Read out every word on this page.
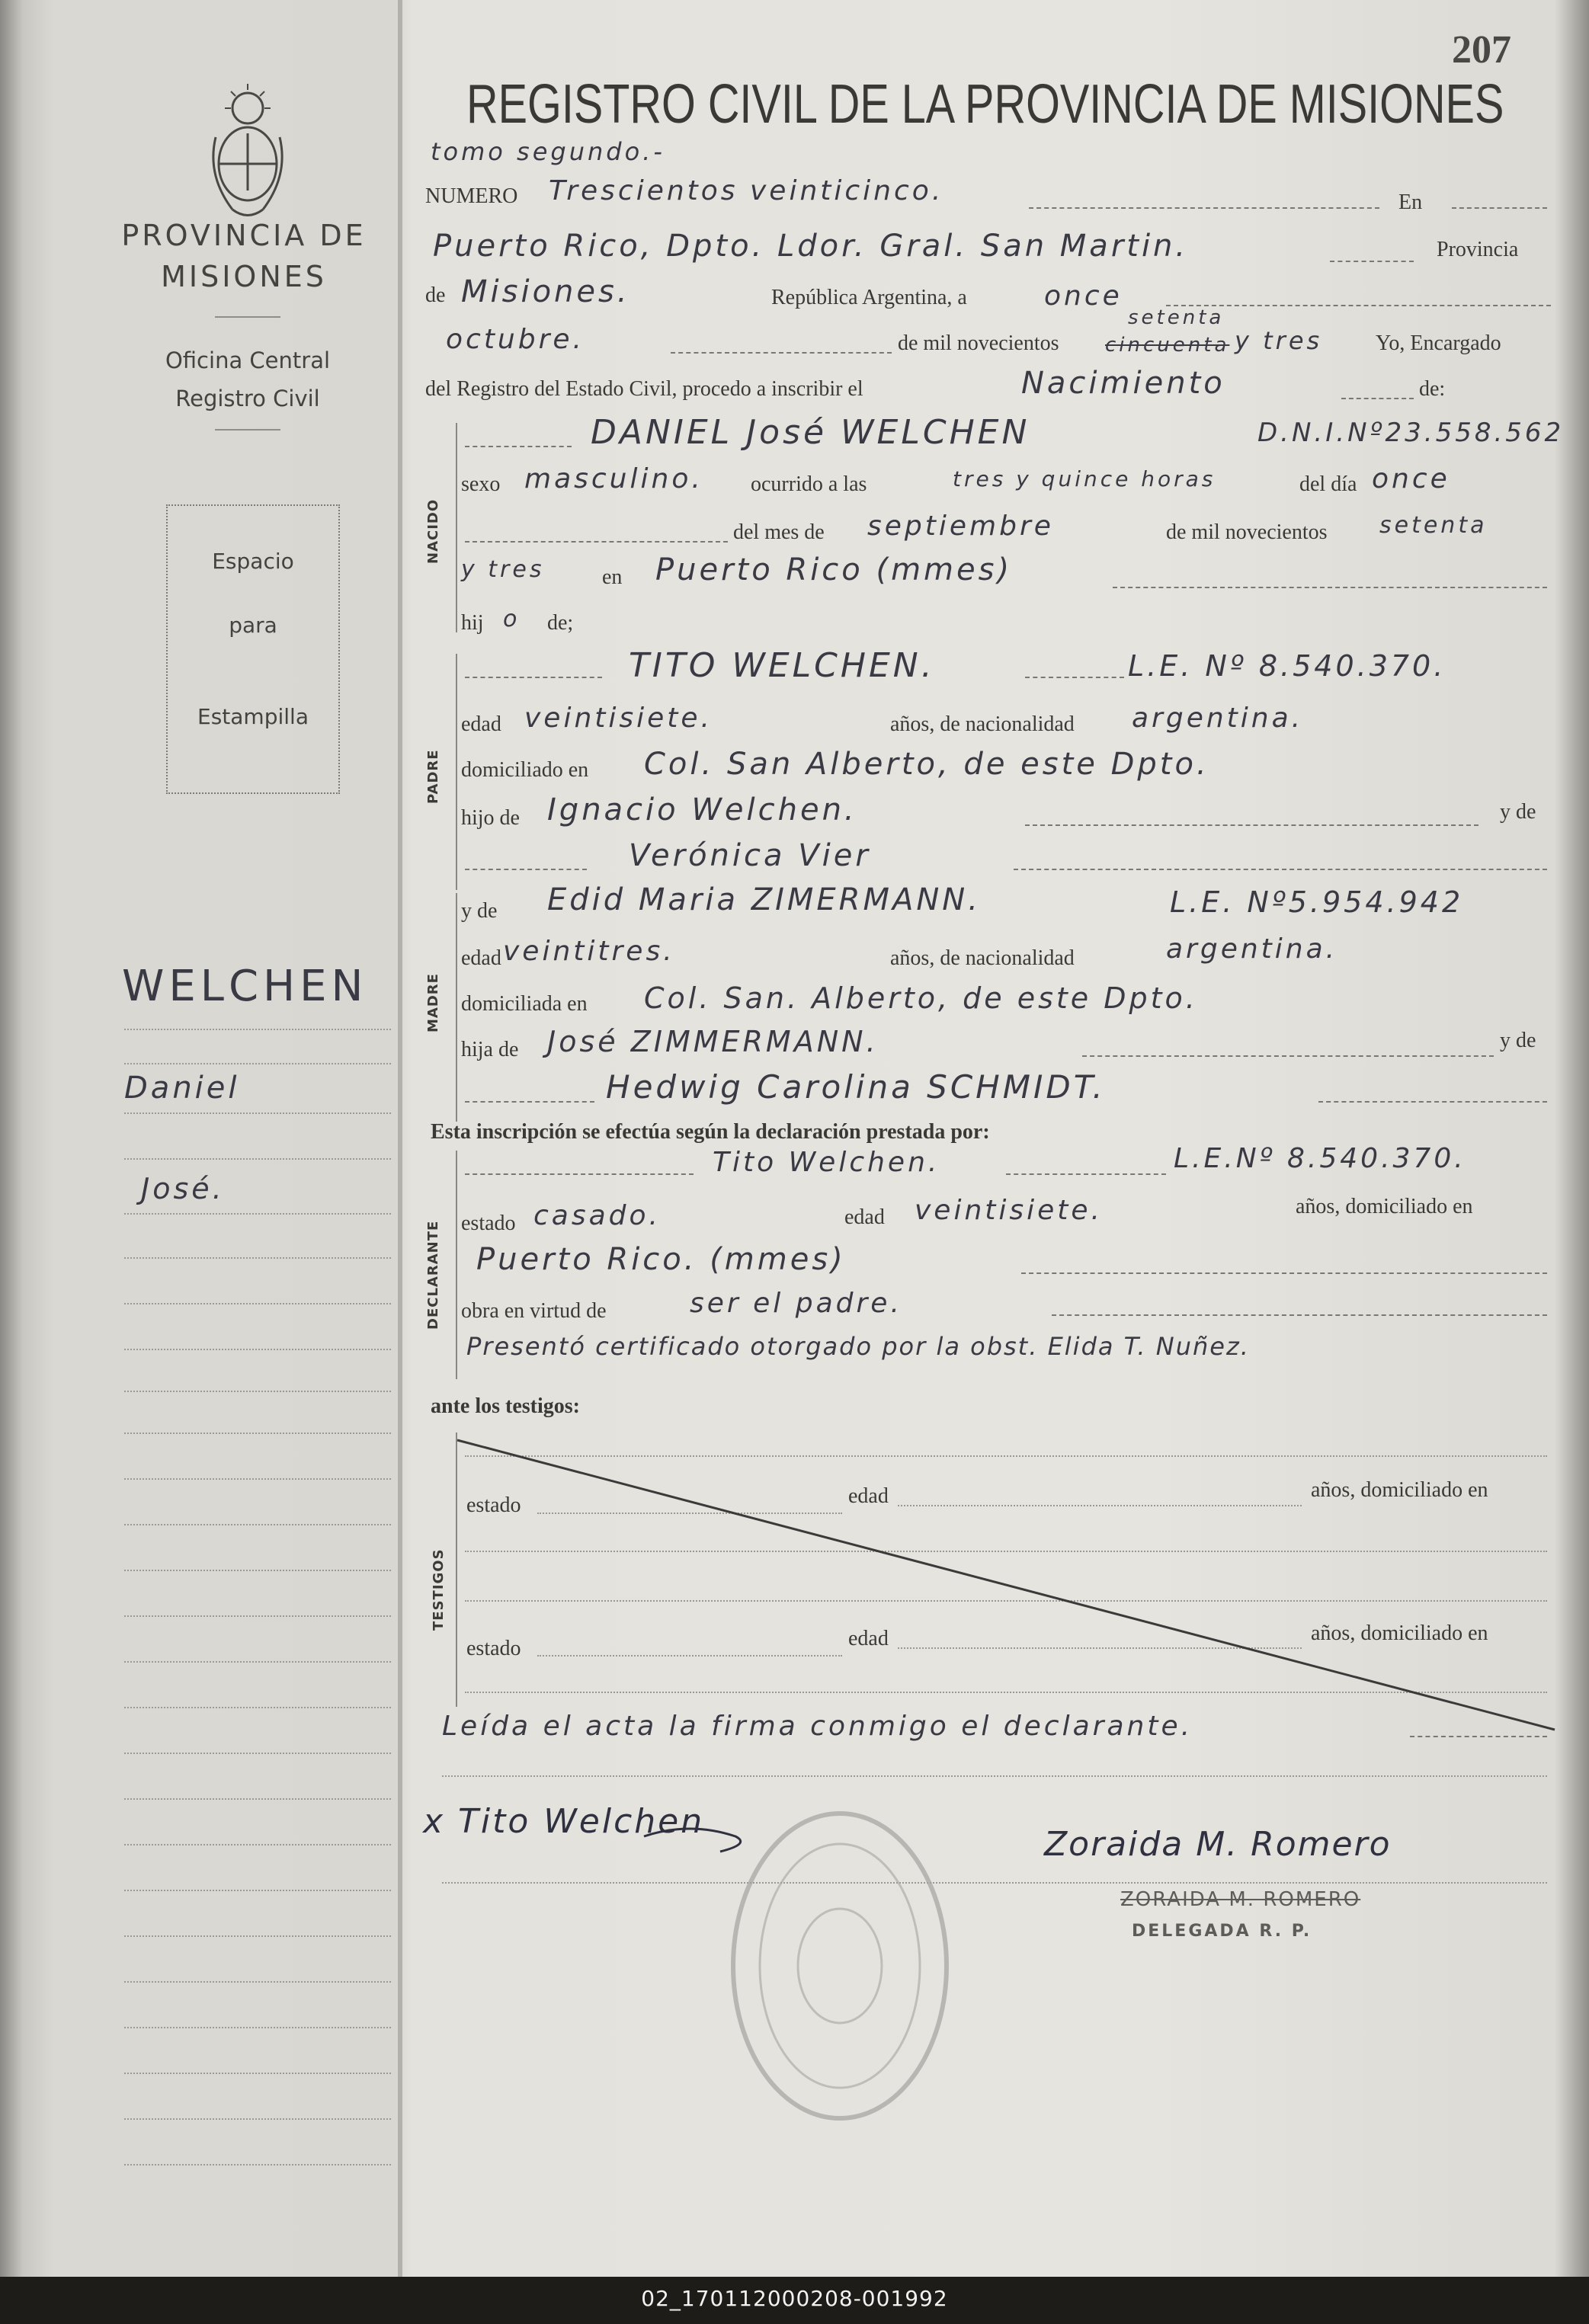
PROVINCIA DE
MISIONES
Oficina Central
Registro Civil
Espacio
para
Estampilla
WELCHEN
Daniel
José.
207
REGISTRO CIVIL DE LA PROVINCIA DE MISIONES
tomo segundo.-
NUMERO Trescientos veinticinco.	En
Puerto Rico, Dpto. Ldor. Gral. San Martin.	Provincia
de Misiones.	República Argentina, a	once
octubre.	de mil novecientos cincuenta
setenta
y tres Yo, Encargado
del Registro del Estado Civil, procedo a inscribir el	Nacimiento	de:
NACIDO
DANIEL José WELCHEN	D.N.I.Nº23.558.562
sexo masculino. ocurrido a las	tres y quince horas	del día once
del mes de septiembre	de mil novecientos setenta
y tres	en Puerto Rico (mmes)
hij o de;
PADRE
TITO WELCHEN.	L.E. Nº 8.540.370.
edad veintisiete.	años, de nacionalidad argentina.
domiciliado en Col. San Alberto, de este Dpto.
hijo de Ignacio Welchen.	y de
Verónica Vier
MADRE
y de Edid Maria ZIMERMANN.	L.E. Nº5.954.942
edad veintitres.	años, de nacionalidad	argentina.
domiciliada en Col. San. Alberto, de este Dpto.
hija de José ZIMMERMANN.	y de
Hedwig Carolina SCHMIDT.
Esta inscripción se efectúa según la declaración prestada por:
DECLARANTE
Tito Welchen.	L.E.Nº 8.540.370.
estado casado.	edad veintisiete.	años, domiciliado en
Puerto Rico. (mmes)
obra en virtud de	ser el padre.
Presentó certificado otorgado por la obst. Elida T. Nuñez.
ante los testigos:
TESTIGOS
estado	edad	años, domiciliado en
estado	edad	años, domiciliado en
Leída el acta la firma conmigo el declarante.
x Tito Welchen
Zoraida M. Romero
ZORAIDA M. ROMERO
DELEGADA R. P.
02_170112000208-001992
